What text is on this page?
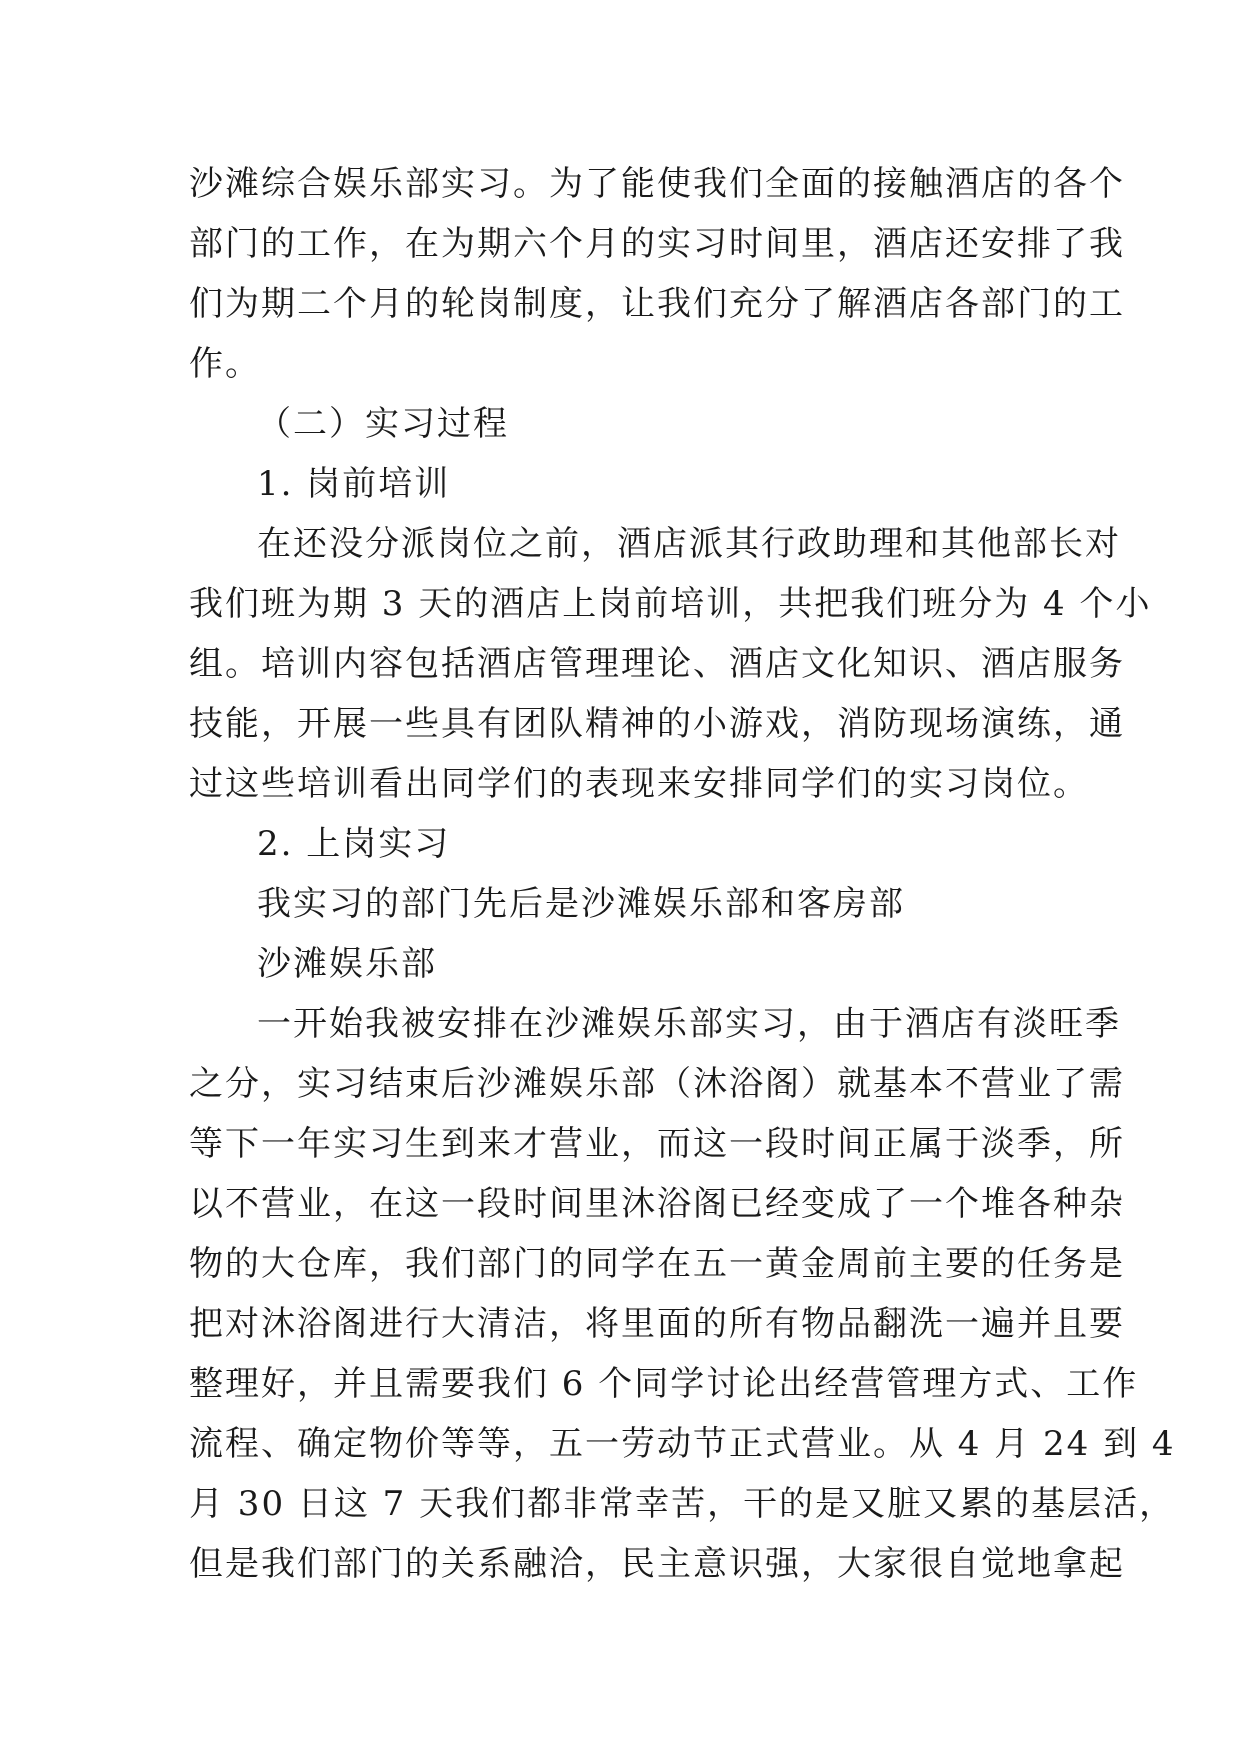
沙滩综合娱乐部实习。为了能使我们全面的接触酒店的各个

部门的工作，在为期六个月的实习时间里，酒店还安排了我

们为期二个月的轮岗制度，让我们充分了解酒店各部门的工

作。

（二）实习过程

1. 岗前培训

在还没分派岗位之前，酒店派其行政助理和其他部长对

我们班为期 3 天的酒店上岗前培训，共把我们班分为 4 个小

组。培训内容包括酒店管理理论、酒店文化知识、酒店服务

技能，开展一些具有团队精神的小游戏，消防现场演练，通

过这些培训看出同学们的表现来安排同学们的实习岗位。

2. 上岗实习

我实习的部门先后是沙滩娱乐部和客房部

沙滩娱乐部

一开始我被安排在沙滩娱乐部实习，由于酒店有淡旺季

之分，实习结束后沙滩娱乐部（沐浴阁）就基本不营业了需

等下一年实习生到来才营业，而这一段时间正属于淡季，所

以不营业，在这一段时间里沐浴阁已经变成了一个堆各种杂

物的大仓库，我们部门的同学在五一黄金周前主要的任务是

把对沐浴阁进行大清洁，将里面的所有物品翻洗一遍并且要

整理好，并且需要我们 6 个同学讨论出经营管理方式、工作

流程、确定物价等等，五一劳动节正式营业。从 4 月 24 到 4

月 30 日这 7 天我们都非常幸苦，干的是又脏又累的基层活，

但是我们部门的关系融洽，民主意识强，大家很自觉地拿起
